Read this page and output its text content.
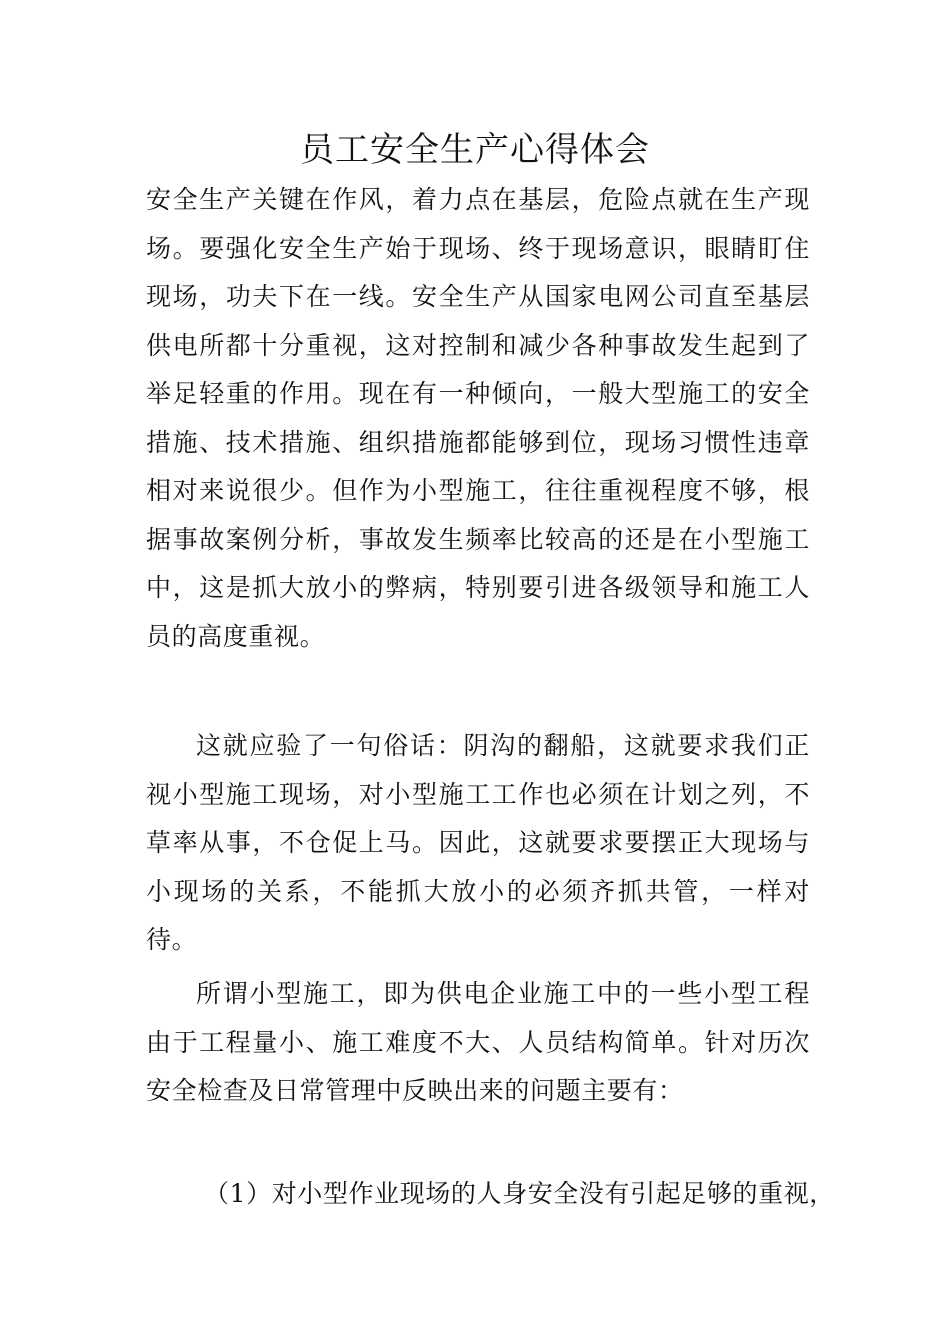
员工安全生产心得体会

安全生产关键在作风，着力点在基层，危险点就在生产现场。要强化安全生产始于现场、终于现场意识，眼睛盯住现场，功夫下在一线。安全生产从国家电网公司直至基层供电所都十分重视，这对控制和减少各种事故发生起到了举足轻重的作用。现在有一种倾向，一般大型施工的安全措施、技术措施、组织措施都能够到位，现场习惯性违章相对来说很少。但作为小型施工，往往重视程度不够，根据事故案例分析，事故发生频率比较高的还是在小型施工中，这是抓大放小的弊病，特别要引进各级领导和施工人员的高度重视。

这就应验了一句俗话：阴沟的翻船，这就要求我们正视小型施工现场，对小型施工工作也必须在计划之列，不草率从事，不仓促上马。因此，这就要求要摆正大现场与小现场的关系，不能抓大放小的必须齐抓共管，一样对待。

所谓小型施工，即为供电企业施工中的一些小型工程由于工程量小、施工难度不大、人员结构简单。针对历次安全检查及日常管理中反映出来的问题主要有：

（1）对小型作业现场的人身安全没有引起足够的重视，
